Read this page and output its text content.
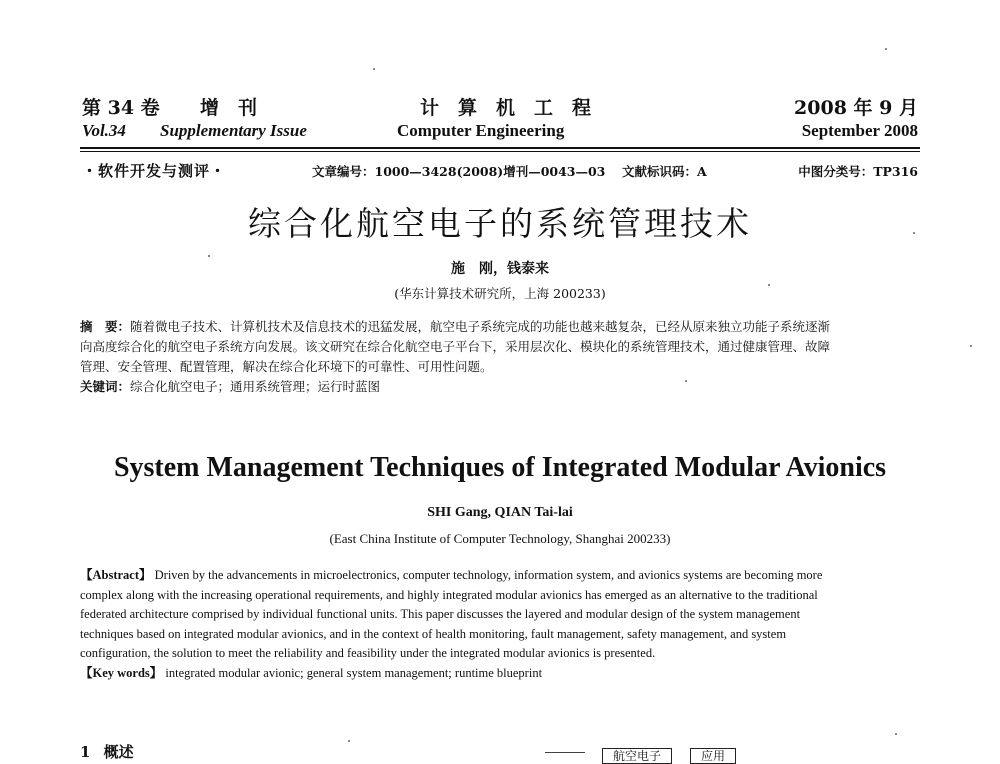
第 34 卷 增　刊	计　算　机　工　程	2008 年 9 月
Vol.34 Supplementary Issue	Computer Engineering	September 2008
・软件开发与测评・	文章编号：1000—3428(2008)增刊—0043—03 文献标识码：A	中图分类号：TP316
综合化航空电子的系统管理技术
施　刚，钱泰来
(华东计算技术研究所，上海 200233)
摘　要：随着微电子技术、计算机技术及信息技术的迅猛发展，航空电子系统完成的功能也越来越复杂，已经从原来独立功能子系统逐渐
向高度综合化的航空电子系统方向发展。该文研究在综合化航空电子平台下，采用层次化、模块化的系统管理技术，通过健康管理、故障
管理、安全管理、配置管理，解决在综合化环境下的可靠性、可用性问题。
关键词：综合化航空电子；通用系统管理；运行时蓝图
System Management Techniques of Integrated Modular Avionics
SHI Gang, QIAN Tai-lai
(East China Institute of Computer Technology, Shanghai 200233)
【Abstract】 Driven by the advancements in microelectronics, computer technology, information system, and avionics systems are becoming more
complex along with the increasing operational requirements, and highly integrated modular avionics has emerged as an alternative to the traditional
federated architecture comprised by individual functional units. This paper discusses the layered and modular design of the system management
techniques based on integrated modular avionics, and in the context of health monitoring, fault management, safety management, and system
configuration, the solution to meet the reliability and feasibility under the integrated modular avionics is presented.
【Key words】 integrated modular avionic; general system management; runtime blueprint
1 概述	航空电子	应用
